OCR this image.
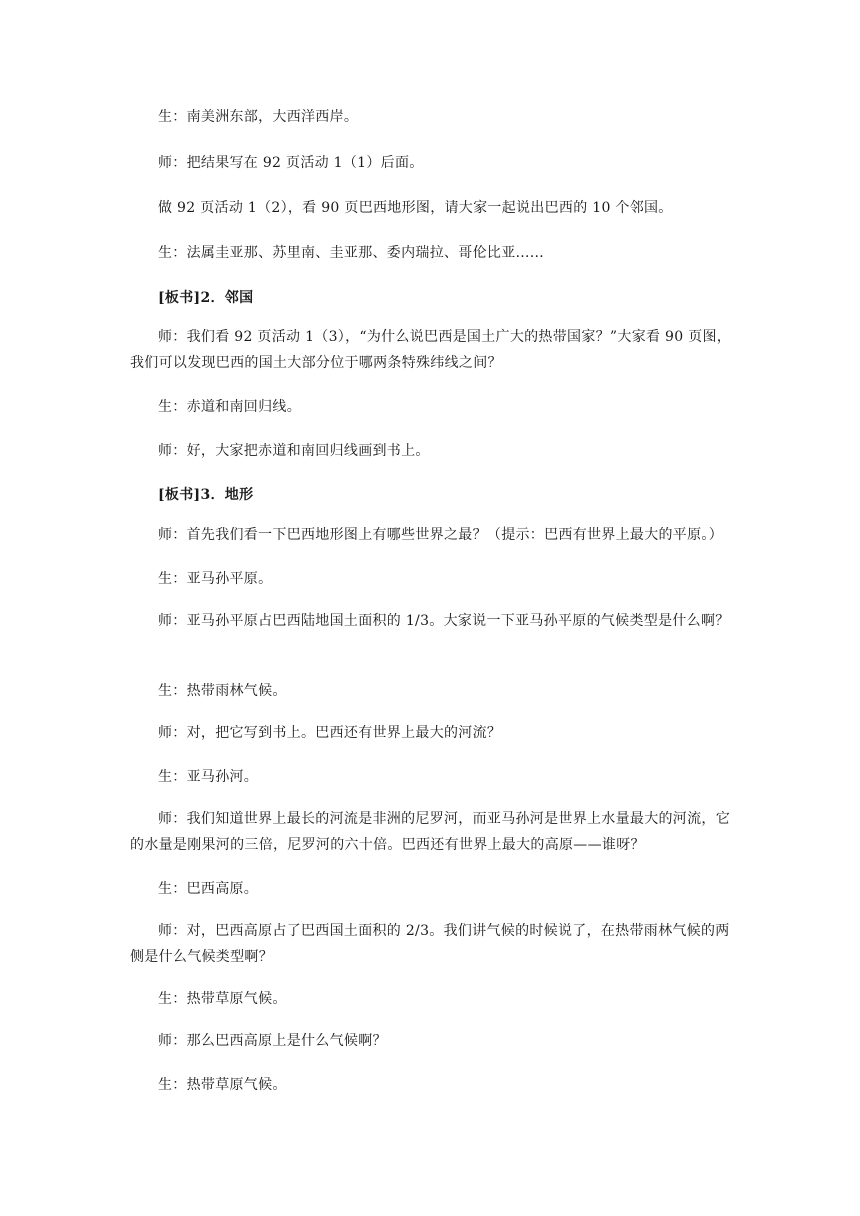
生：南美洲东部，大西洋西岸。

师：把结果写在 92 页活动 1（1）后面。

做 92 页活动 1（2），看 90 页巴西地形图，请大家一起说出巴西的 10 个邻国。

生：法属圭亚那、苏里南、圭亚那、委内瑞拉、哥伦比亚……

[板书]2．邻国

师：我们看 92 页活动 1（3），“为什么说巴西是国土广大的热带国家？”大家看 90 页图，我们可以发现巴西的国土大部分位于哪两条特殊纬线之间？

生：赤道和南回归线。

师：好，大家把赤道和南回归线画到书上。

[板书]3．地形

师：首先我们看一下巴西地形图上有哪些世界之最？（提示：巴西有世界上最大的平原。）

生：亚马孙平原。

师：亚马孙平原占巴西陆地国土面积的 1/3。大家说一下亚马孙平原的气候类型是什么啊？

生：热带雨林气候。

师：对，把它写到书上。巴西还有世界上最大的河流？

生：亚马孙河。

师：我们知道世界上最长的河流是非洲的尼罗河，而亚马孙河是世界上水量最大的河流，它的水量是刚果河的三倍，尼罗河的六十倍。巴西还有世界上最大的高原——谁呀？

生：巴西高原。

师：对，巴西高原占了巴西国土面积的 2/3。我们讲气候的时候说了，在热带雨林气候的两侧是什么气候类型啊？

生：热带草原气候。

师：那么巴西高原上是什么气候啊？

生：热带草原气候。
